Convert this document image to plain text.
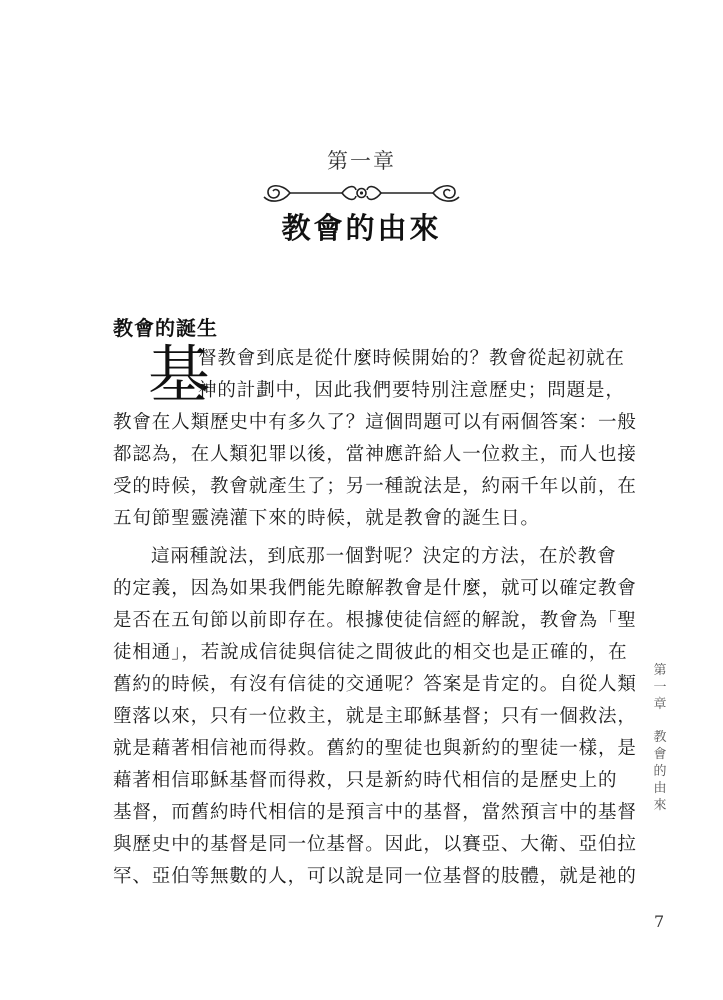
第一章
教會的由來
教會的誕生
基
督教會到底是從什麼時候開始的？教會從起初就在
神的計劃中，因此我們要特別注意歷史；問題是，
教會在人類歷史中有多久了？這個問題可以有兩個答案：一般
都認為，在人類犯罪以後，當神應許給人一位救主，而人也接
受的時候，教會就產生了；另一種說法是，約兩千年以前，在
五旬節聖靈澆灌下來的時候，就是教會的誕生日。
這兩種說法，到底那一個對呢？決定的方法，在於教會
的定義，因為如果我們能先瞭解教會是什麼，就可以確定教會
是否在五旬節以前即存在。根據使徒信經的解說，教會為「聖
徒相通」，若說成信徒與信徒之間彼此的相交也是正確的，在
舊約的時候，有沒有信徒的交通呢？答案是肯定的。自從人類
墮落以來，只有一位救主，就是主耶穌基督；只有一個救法，
就是藉著相信祂而得救。舊約的聖徒也與新約的聖徒一樣，是
藉著相信耶穌基督而得救，只是新約時代相信的是歷史上的
基督，而舊約時代相信的是預言中的基督，當然預言中的基督
與歷史中的基督是同一位基督。因此，以賽亞、大衛、亞伯拉
罕、亞伯等無數的人，可以說是同一位基督的肢體，就是祂的
第一章
教會的由來
7
